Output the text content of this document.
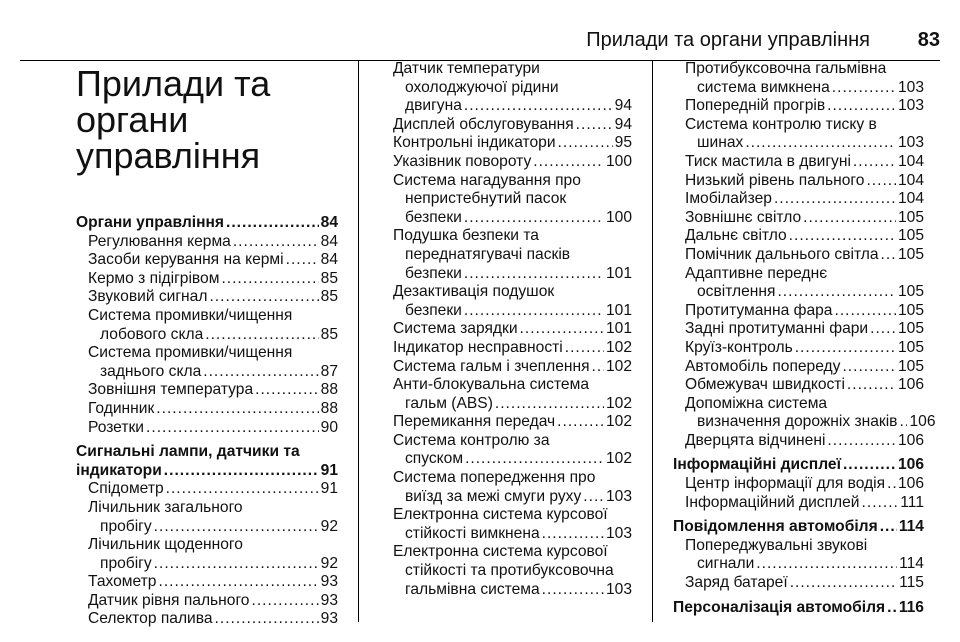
Прилади та органи управління 83
Прилади та органи
управління
Органи управління .....	84
Регулювання керма .....	84
Засоби керування на кермі ..... 84
Кермо з підігрівом .....	85
Звуковий сигнал .....	85
Система промивки/чищення
лобового скла .....	85
Система промивки/чищення
заднього скла .....	87
Зовнішня температура .....	88
Годинник .....	88
Розетки .....	90
Сигнальні лампи, датчики та
індикатори .....	91
Спідометр .....	91
Лічильник загального
пробігу .....	92
Лічильник щоденного
пробігу .....	92
Тахометр .....	93
Датчик рівня пального .....	93
Селектор палива .....	93
Датчик температури
охолоджуючої рідини
двигуна .....	94
Дисплей обслуговування .....	94
Контрольні індикатори .....	95
Указівник повороту .....	100
Система нагадування про
непристебнутий пасок
безпеки .....	100
Подушка безпеки та
переднатягувачі пасків
безпеки .....	101
Дезактивація подушок
безпеки .....	101
Система зарядки .....	101
Індикатор несправності .....	102
Система гальм і зчеплення ..... 102
Анти-блокувальна система
гальм (ABS) .....	102
Перемикання передач .....	102
Система контролю за
спуском .....	102
Система попередження про
виїзд за межі смуги руху ..... 103
Електронна система курсової
стійкості вимкнена .....	103
Електронна система курсової
стійкості та протибуксовочна
гальмівна система .....	103
Протибуксовочна гальмівна
система вимкнена .....	103
Попередній прогрів .....	103
Система контролю тиску в
шинах .....	103
Тиск мастила в двигуні .....	104
Низький рівень пального ..... 104
Імобілайзер .....	104
Зовнішнє світло .....	105
Дальнє світло .....	105
Помічник дальнього світла ..... 105
Адаптивне переднє
освітлення .....	105
Протитуманна фара .....	105
Задні протитуманні фари ..... 105
Круїз-контроль .....	105
Автомобіль попереду .....	105
Обмежувач швидкості .....	106
Допоміжна система
визначення дорожніх знаків ..... 106
Дверцята відчинені .....	106
Інформаційні дисплеї .....	106
Центр інформації для водія ..... 106
Інформаційний дисплей .....	111
Повідомлення автомобіля ..... 114
Попереджувальні звукові
сигнали .....	114
Заряд батареї .....	115
Персоналізація автомобіля ..... 116
